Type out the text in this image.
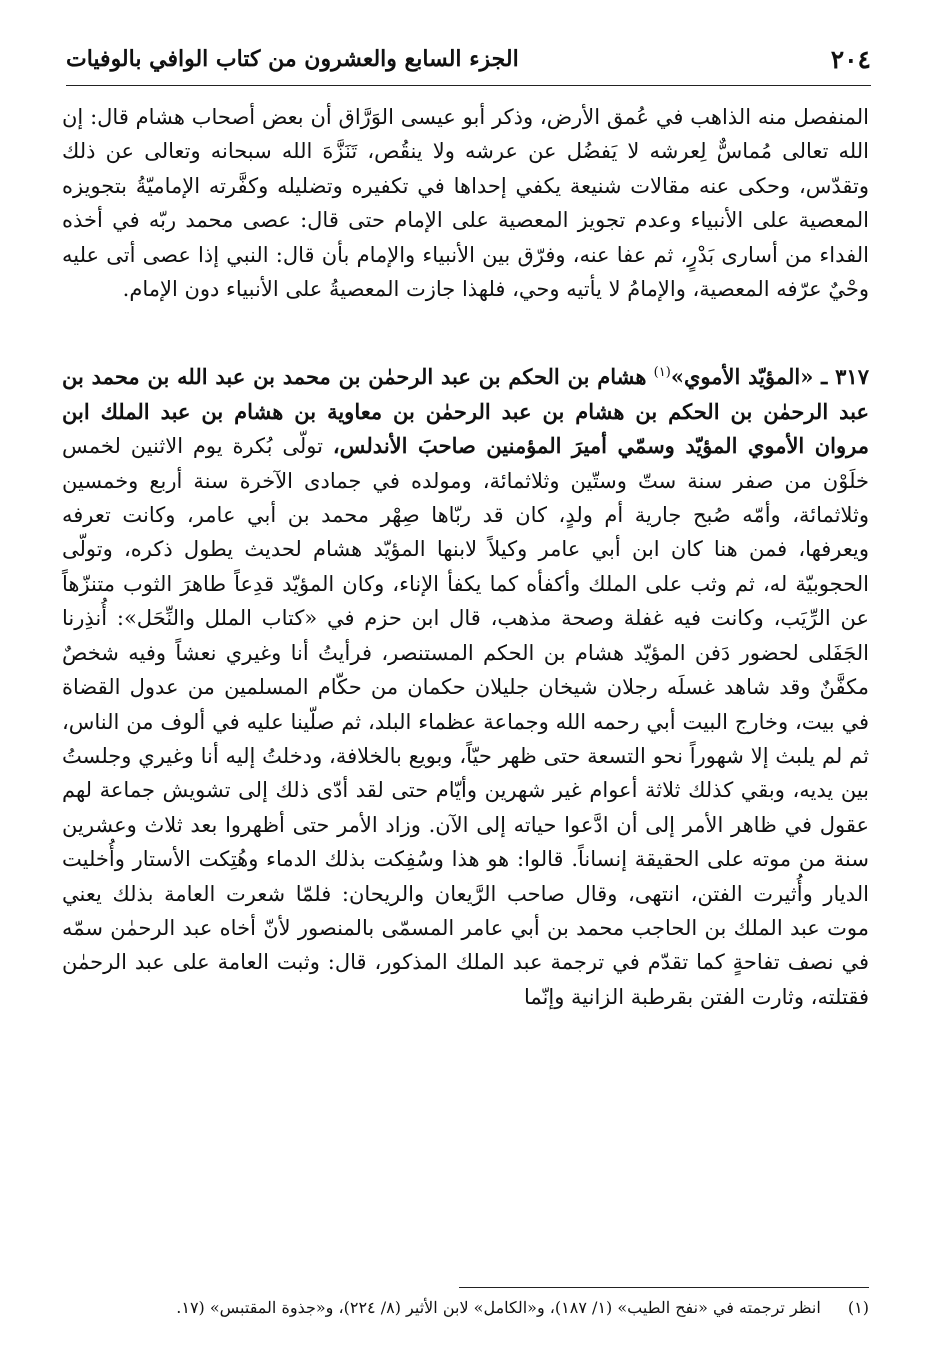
٢٠٤
الجزء السابع والعشرون من كتاب الوافي بالوفيات

المنفصل منه الذاهب في عُمق الأرض، وذكر أبو عيسى الوَرَّاق أن بعض أصحاب هشام قال: إن الله تعالى مُماسٌّ لِعرشه لا يَفضُل عن عرشه ولا ينقُص، تَنَزَّهَ الله سبحانه وتعالى عن ذلك وتقدّس، وحكى عنه مقالات شنيعة يكفي إحداها في تكفيره وتضليله وكفَّرته الإماميّةُ بتجويزه المعصية على الأنبياء وعدم تجويز المعصية على الإمام حتى قال: عصى محمد ربّه في أخذه الفداء من أسارى بَدْرٍ، ثم عفا عنه، وفرّق بين الأنبياء والإمام بأن قال: النبي إذا عصى أتى عليه وحْيٌ عرّفه المعصية، والإمامُ لا يأتيه وحي، فلهذا جازت المعصيةُ على الأنبياء دون الإمام.

٣١٧ ـ «المؤيّد الأموي»$^{(١)}$ هشام بن الحكم بن عبد الرحمٰن بن محمد بن عبد الله بن محمد بن عبد الرحمٰن بن الحكم بن هشام بن عبد الرحمٰن بن معاوية بن هشام بن عبد الملك ابن مروان الأموي المؤيّد وسمّي أميرَ المؤمنين صاحبَ الأندلس، تولّى بُكرة يوم الاثنين لخمس خلَوْن من صفر سنة ستّ وستّين وثلاثمائة، ومولده في جمادى الآخرة سنة أربع وخمسين وثلاثمائة، وأمّه صُبح جارية أم ولدٍ، كان قد ربّاها صِهْر محمد بن أبي عامر، وكانت تعرفه ويعرفها، فمن هنا كان ابن أبي عامر وكيلاً لابنها المؤيّد هشام لحديث يطول ذكره، وتولّى الحجوبيّة له، ثم وثب على الملك وأكفأه كما يكفأ الإناء، وكان المؤيّد قدِعاً طاهرَ الثوب متنزّهاً عن الرِّيَب، وكانت فيه غفلة وصحة مذهب، قال ابن حزم في «كتاب الملل والنِّحَل»: أُنذِرنا الجَفَلى لحضور دَفن المؤيّد هشام بن الحكم المستنصر، فرأيتُ أنا وغيري نعشاً وفيه شخصٌ مكفَّنٌ وقد شاهد غسلَه رجلان شيخان جليلان حكمان من حكّام المسلمين من عدول القضاة في بيت، وخارج البيت أبي رحمه الله وجماعة عظماء البلد، ثم صلّينا عليه في ألوف من الناس، ثم لم يلبث إلا شهوراً نحو التسعة حتى ظهر حيّاً، وبويع بالخلافة، ودخلتُ إليه أنا وغيري وجلستُ بين يديه، وبقي كذلك ثلاثة أعوام غير شهرين وأيّام حتى لقد أدّى ذلك إلى تشويش جماعة لهم عقول في ظاهر الأمر إلى أن ادَّعوا حياته إلى الآن. وزاد الأمر حتى أظهروا بعد ثلاث وعشرين سنة من موته على الحقيقة إنساناً. قالوا: هو هذا وسُفِكت بذلك الدماء وهُتِكت الأستار وأُخليت الديار وأُثيرت الفتن، انتهى، وقال صاحب الرَّيعان والريحان: فلمّا شعرت العامة بذلك يعني موت عبد الملك بن الحاجب محمد بن أبي عامر المسمّى بالمنصور لأنّ أخاه عبد الرحمٰن سمّه في نصف تفاحةٍ كما تقدّم في ترجمة عبد الملك المذكور، قال: وثبت العامة على عبد الرحمٰن فقتلته، وثارت الفتن بقرطبة الزانية وإنّما

(١) انظر ترجمته في «نفح الطيب» (١/ ١٨٧)، و«الكامل» لابن الأثير (٨/ ٢٢٤)، و«جذوة المقتبس» (١٧.
